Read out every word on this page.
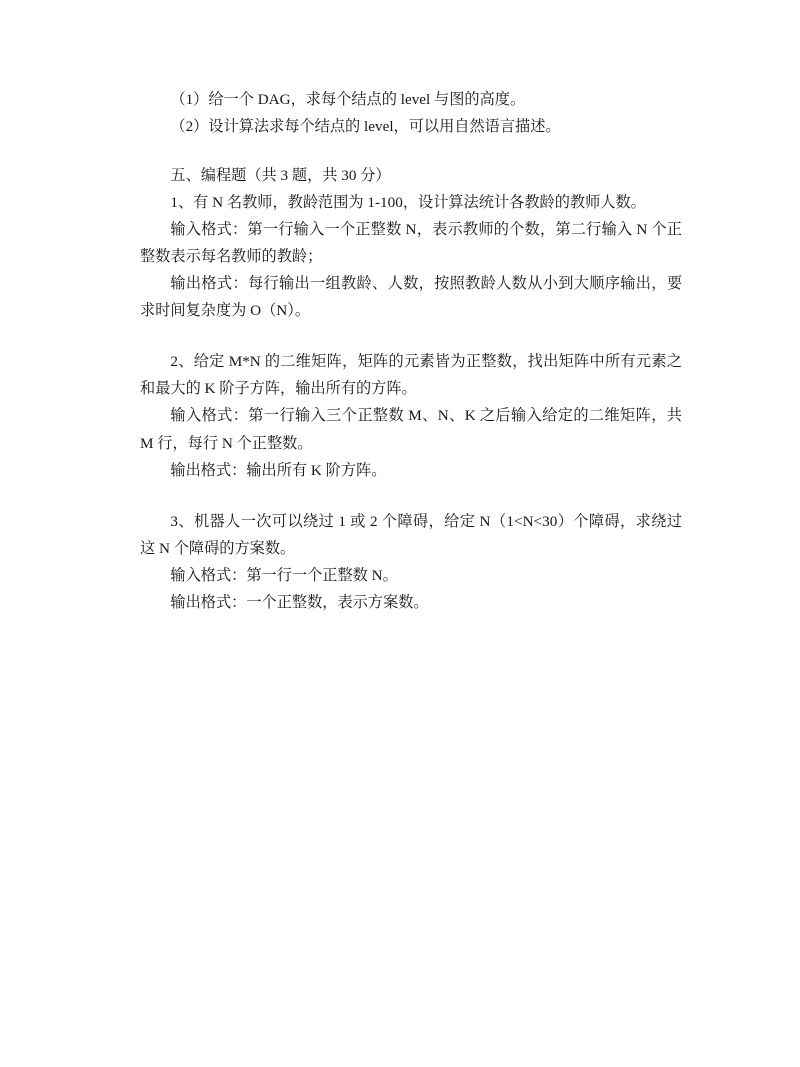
（1）给一个 DAG，求每个结点的 level 与图的高度。

（2）设计算法求每个结点的 level，可以用自然语言描述。

五、编程题（共 3 题，共 30 分）

1、有 N 名教师，教龄范围为 1-100，设计算法统计各教龄的教师人数。

输入格式：第一行输入一个正整数 N，表示教师的个数，第二行输入 N 个正整数表示每名教师的教龄；

输出格式：每行输出一组教龄、人数，按照教龄人数从小到大顺序输出，要求时间复杂度为 O（N）。

2、给定 M*N 的二维矩阵，矩阵的元素皆为正整数，找出矩阵中所有元素之和最大的 K 阶子方阵，输出所有的方阵。

输入格式：第一行输入三个正整数 M、N、K 之后输入给定的二维矩阵，共 M 行，每行 N 个正整数。

输出格式：输出所有 K 阶方阵。

3、机器人一次可以绕过 1 或 2 个障碍，给定 N（1<N<30）个障碍，求绕过这 N 个障碍的方案数。

输入格式：第一行一个正整数 N。

输出格式：一个正整数，表示方案数。
